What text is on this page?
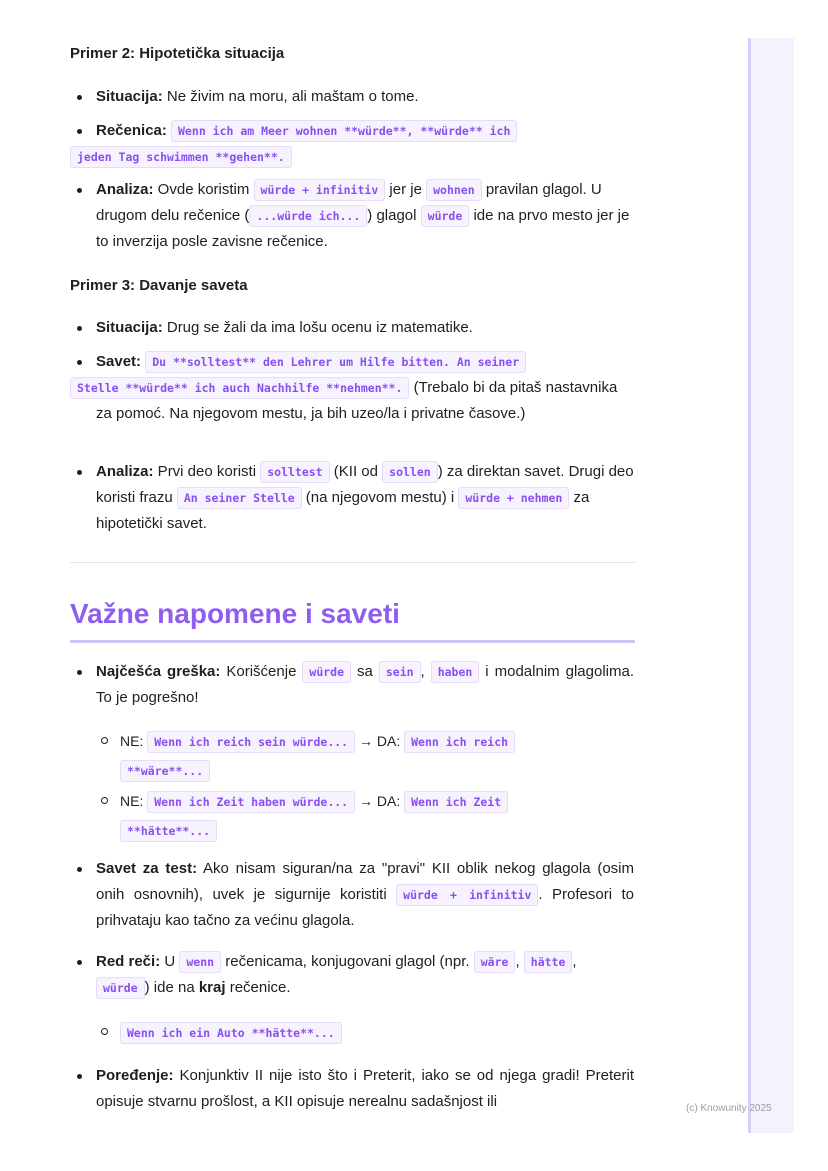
(c) Knowunity 2025
Primer 2: Hipotetička situacija
Situacija: Ne živim na moru, ali maštam o tome.
Rečenica: Wenn ich am Meer wohnen **würde**, **würde** ich
jeden Tag schwimmen **gehen**.
Analiza: Ovde koristim würde + infinitiv jer je wohnen pravilan glagol. U drugom delu rečenice ( ...würde ich... ) glagol würde ide na prvo mesto jer je to inverzija posle zavisne rečenice.
Primer 3: Davanje saveta
Situacija: Drug se žali da ima lošu ocenu iz matematike.
Savet: Du **solltest** den Lehrer um Hilfe bitten. An seiner
Stelle **würde** ich auch Nachhilfe **nehmen**. (Trebalo bi da pitaš nastavnika za pomoć. Na njegovom mestu, ja bih uzeo/la i privatne časove.)
Analiza: Prvi deo koristi solltest (KII od sollen ) za direktan savet. Drugi deo koristi frazu An seiner Stelle (na njegovom mestu) i würde + nehmen za hipotetički savet.
Važne napomene i saveti
Najčešća greška: Korišćenje würde sa sein , haben i modalnim glagolima. To je pogrešno!
NE: Wenn ich reich sein würde... → DA: Wenn ich reich
**wäre**...
NE: Wenn ich Zeit haben würde... → DA: Wenn ich Zeit
**hätte**...
Savet za test: Ako nisam siguran/na za "pravi" KII oblik nekog glagola (osim onih osnovnih), uvek je sigurnije koristiti würde + infinitiv . Profesori to prihvataju kao tačno za većinu glagola.
Red reči: U wenn rečenicama, konjugovani glagol (npr. wäre , hätte , würde ) ide na kraj rečenice.
Wenn ich ein Auto **hätte**...
Poređenje: Konjunktiv II nije isto što i Preterit, iako se od njega gradi! Preterit opisuje stvarnu prošlost, a KII opisuje nerealnu sadašnjost ili
